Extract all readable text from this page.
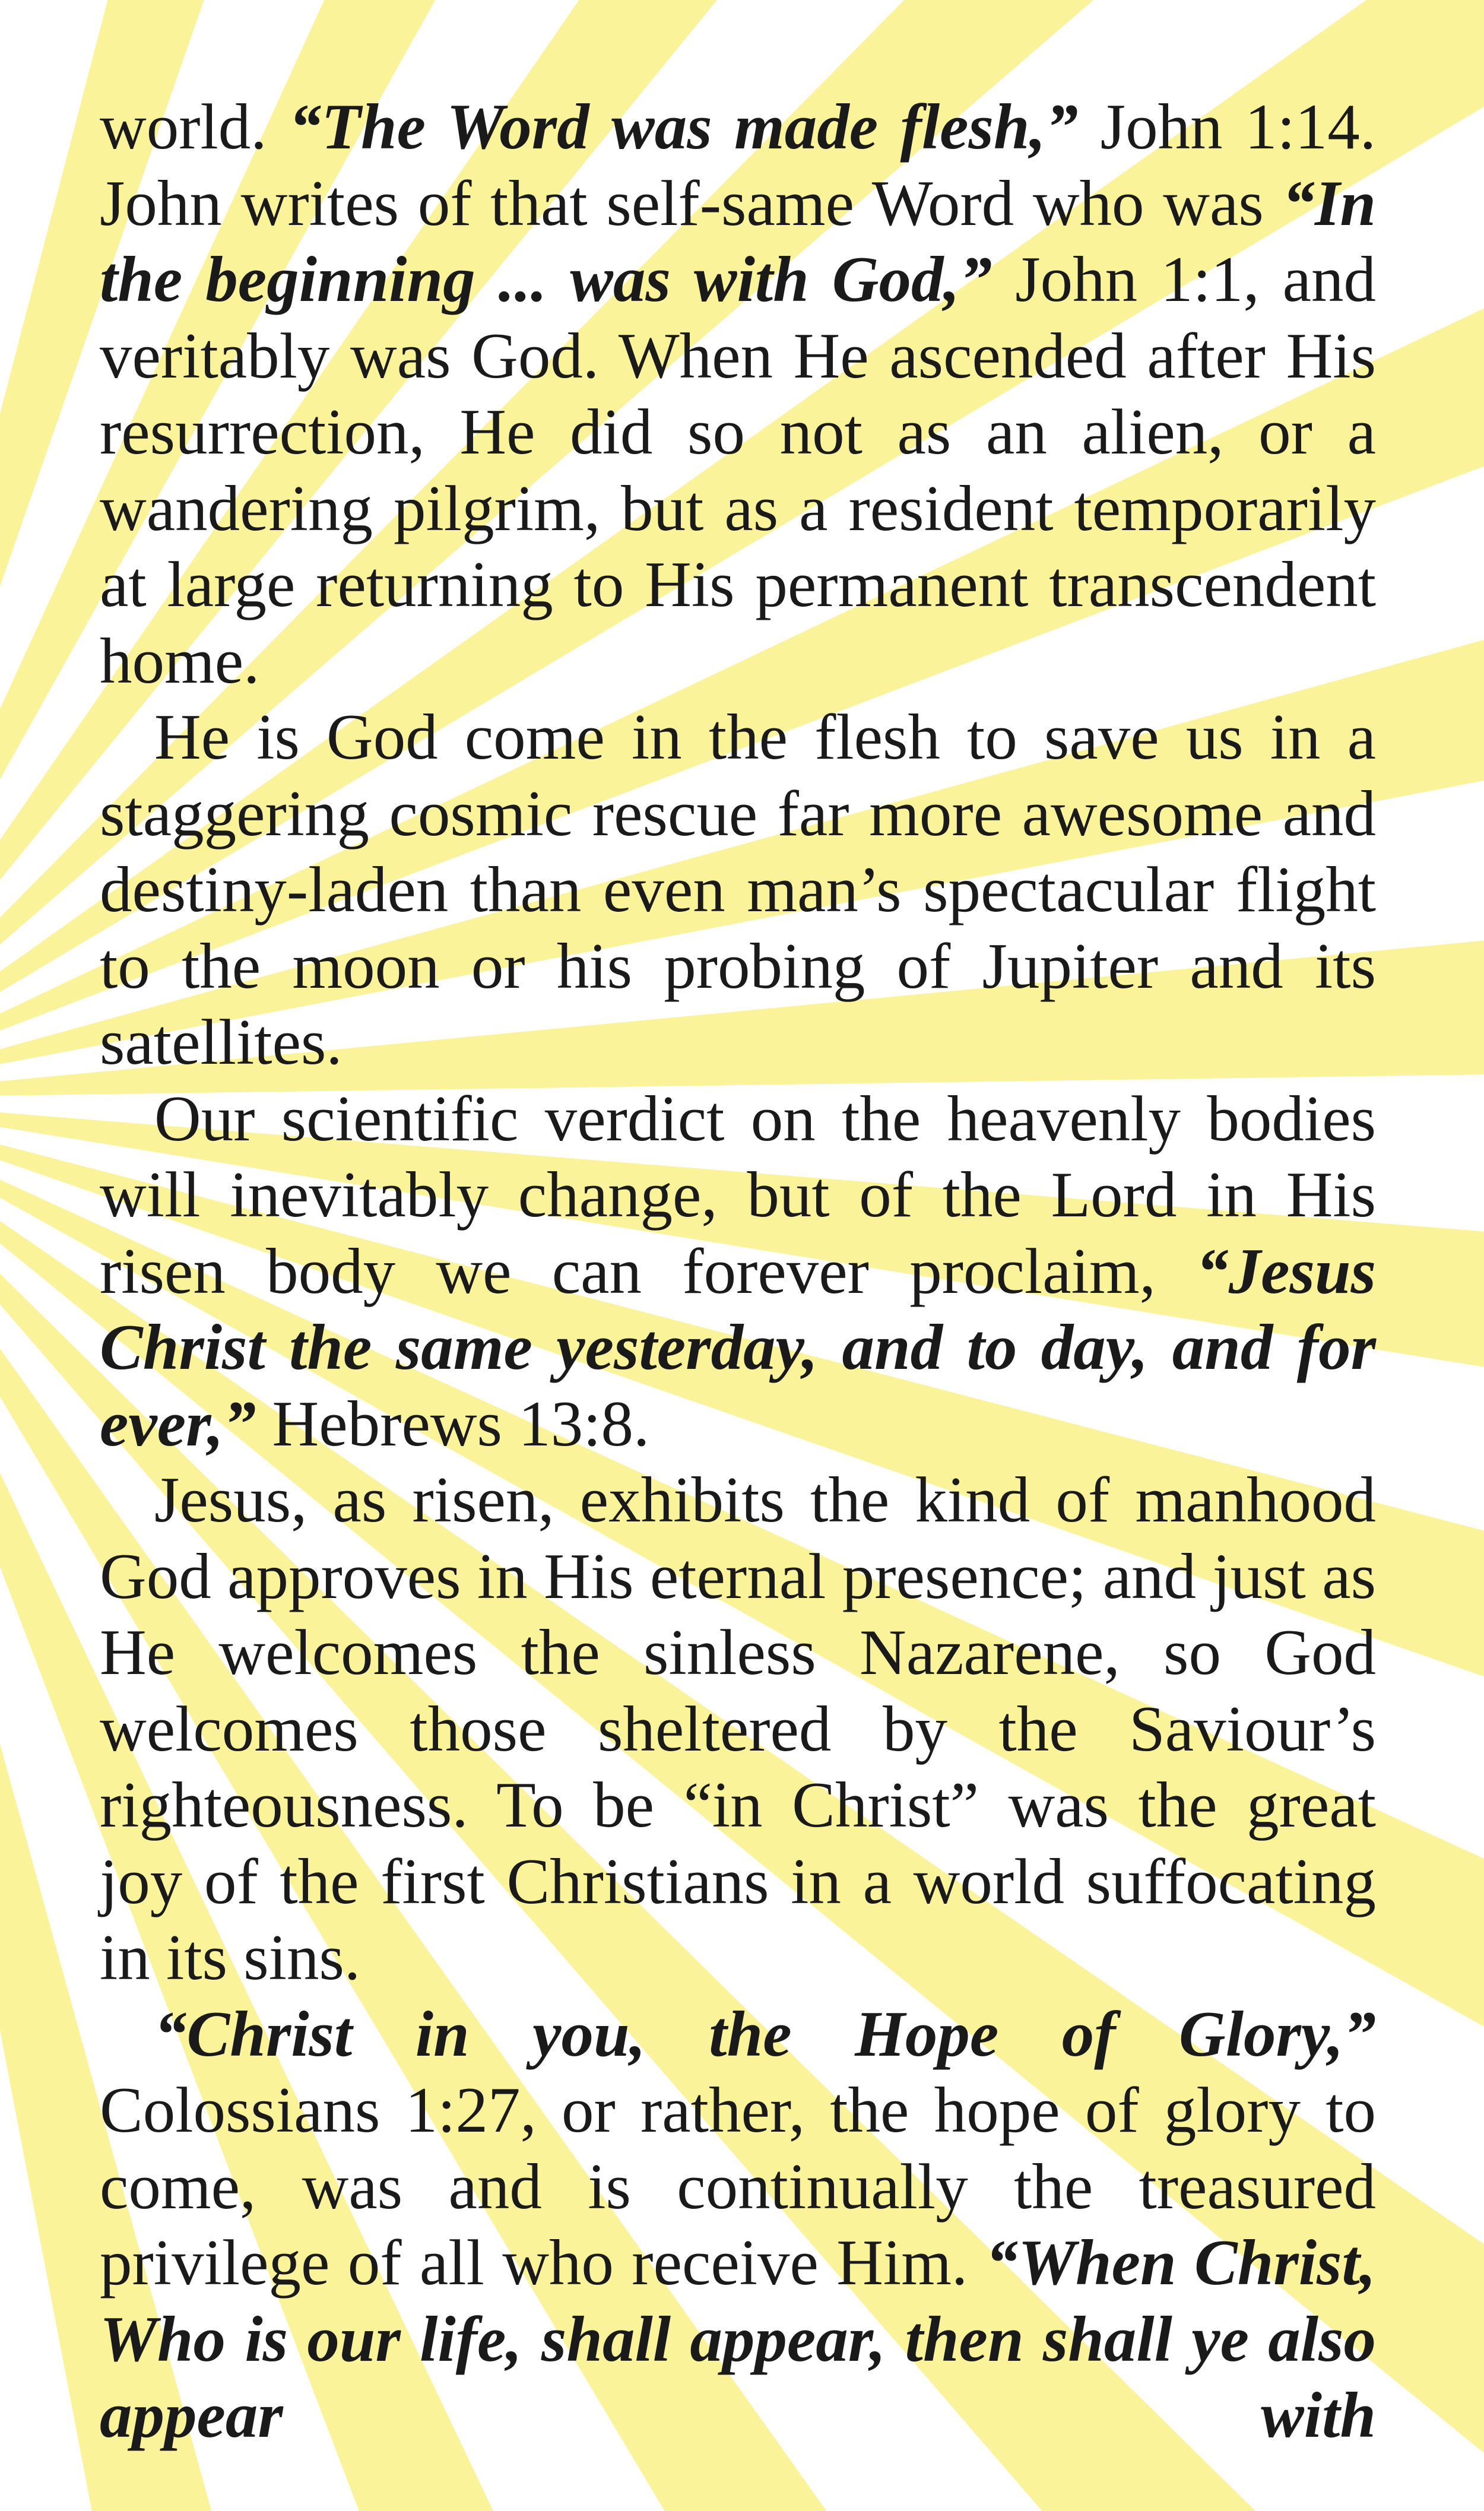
world. “The Word was made flesh,” John 1:14. John writes of that self-same Word who was “In the beginning ... was with God,” John 1:1, and veritably was God. When He ascended after His resurrection, He did so not as an alien, or a wandering pilgrim, but as a resident temporarily at large returning to His permanent transcendent home.

He is God come in the flesh to save us in a staggering cosmic rescue far more awesome and destiny-laden than even man’s spectacular flight to the moon or his probing of Jupiter and its satellites.

Our scientific verdict on the heavenly bodies will inevitably change, but of the Lord in His risen body we can forever proclaim, “Jesus Christ the same yesterday, and to day, and for ever,” Hebrews 13:8.

Jesus, as risen, exhibits the kind of manhood God approves in His eternal presence; and just as He welcomes the sinless Nazarene, so God welcomes those sheltered by the Saviour’s righteousness. To be “in Christ” was the great joy of the first Christians in a world suffocating in its sins.

“Christ in you, the Hope of Glory,” Colossians 1:27, or rather, the hope of glory to come, was and is continually the treasured privilege of all who receive Him. “When Christ, Who is our life, shall appear, then shall ye also appear with
